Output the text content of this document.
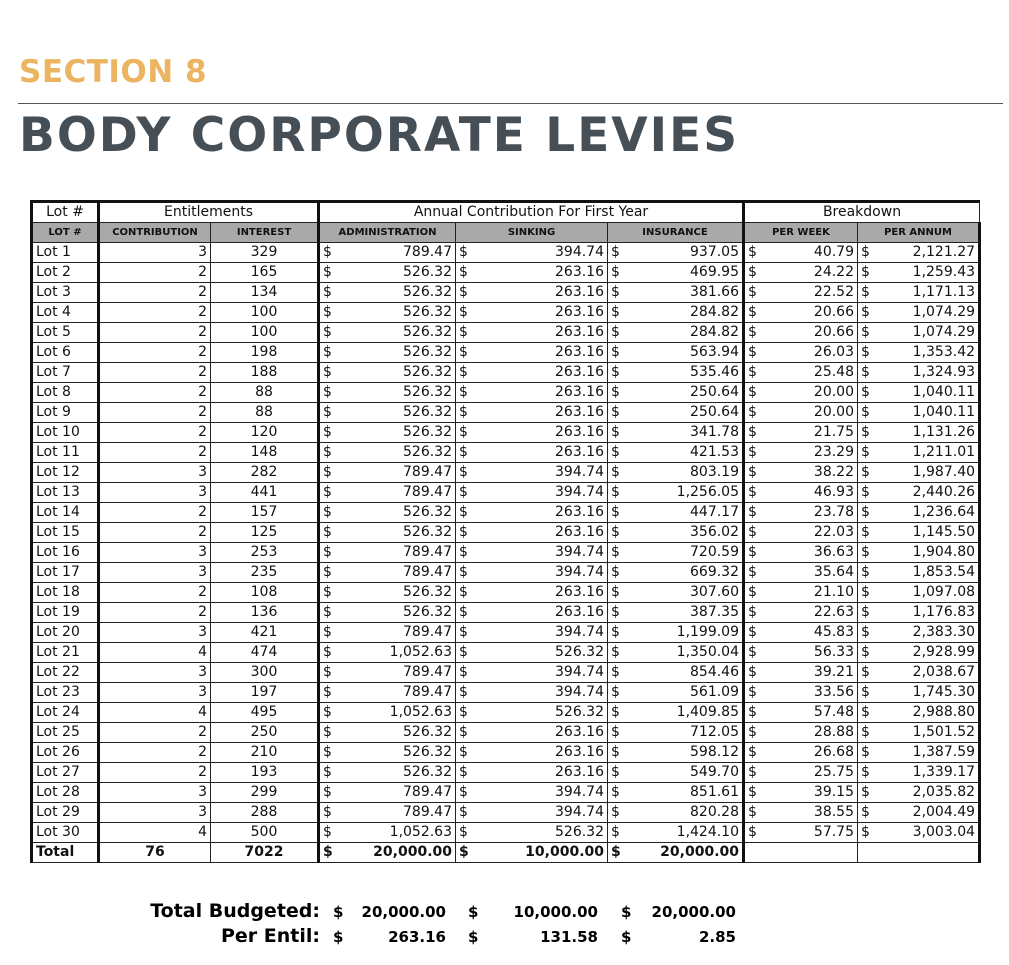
SECTION 8
BODY CORPORATE LEVIES
Lot #	Entitlements		Annual Contribution For First Year			Breakdown	
LOT #	CONTRIBUTION	INTEREST	ADMINISTRATION	SINKING	INSURANCE	PER WEEK	PER ANNUM
Lot 1	3	329	$ 789.47	$ 394.74	$ 937.05	$ 40.79	$ 2,121.27

Lot 2	2	165	$ 526.32	$ 263.16	$ 469.95	$ 24.22	$ 1,259.43

Lot 3	2	134	$ 526.32	$ 263.16	$ 381.66	$ 22.52	$ 1,171.13

Lot 4	2	100	$ 526.32	$ 263.16	$ 284.82	$ 20.66	$ 1,074.29

Lot 5	2	100	$ 526.32	$ 263.16	$ 284.82	$ 20.66	$ 1,074.29

Lot 6	2	198	$ 526.32	$ 263.16	$ 563.94	$ 26.03	$ 1,353.42

Lot 7	2	188	$ 526.32	$ 263.16	$ 535.46	$ 25.48	$ 1,324.93

Lot 8	2	88	$ 526.32	$ 263.16	$ 250.64	$ 20.00	$ 1,040.11

Lot 9	2	88	$ 526.32	$ 263.16	$ 250.64	$ 20.00	$ 1,040.11

Lot 10	2	120	$ 526.32	$ 263.16	$ 341.78	$ 21.75	$ 1,131.26

Lot 11	2	148	$ 526.32	$ 263.16	$ 421.53	$ 23.29	$ 1,211.01

Lot 12	3	282	$ 789.47	$ 394.74	$ 803.19	$ 38.22	$ 1,987.40

Lot 13	3	441	$ 789.47	$ 394.74	$ 1,256.05	$ 46.93	$ 2,440.26

Lot 14	2	157	$ 526.32	$ 263.16	$ 447.17	$ 23.78	$ 1,236.64

Lot 15	2	125	$ 526.32	$ 263.16	$ 356.02	$ 22.03	$ 1,145.50

Lot 16	3	253	$ 789.47	$ 394.74	$ 720.59	$ 36.63	$ 1,904.80

Lot 17	3	235	$ 789.47	$ 394.74	$ 669.32	$ 35.64	$ 1,853.54

Lot 18	2	108	$ 526.32	$ 263.16	$ 307.60	$ 21.10	$ 1,097.08

Lot 19	2	136	$ 526.32	$ 263.16	$ 387.35	$ 22.63	$ 1,176.83

Lot 20	3	421	$ 789.47	$ 394.74	$ 1,199.09	$ 45.83	$ 2,383.30

Lot 21	4	474	$ 1,052.63	$ 526.32	$ 1,350.04	$ 56.33	$ 2,928.99

Lot 22	3	300	$ 789.47	$ 394.74	$ 854.46	$ 39.21	$ 2,038.67

Lot 23	3	197	$ 789.47	$ 394.74	$ 561.09	$ 33.56	$ 1,745.30

Lot 24	4	495	$ 1,052.63	$ 526.32	$ 1,409.85	$ 57.48	$ 2,988.80

Lot 25	2	250	$ 526.32	$ 263.16	$ 712.05	$ 28.88	$ 1,501.52

Lot 26	2	210	$ 526.32	$ 263.16	$ 598.12	$ 26.68	$ 1,387.59

Lot 27	2	193	$ 526.32	$ 263.16	$ 549.70	$ 25.75	$ 1,339.17

Lot 28	3	299	$ 789.47	$ 394.74	$ 851.61	$ 39.15	$ 2,035.82

Lot 29	3	288	$ 789.47	$ 394.74	$ 820.28	$ 38.55	$ 2,004.49

Lot 30	4	500	$ 1,052.63	$ 526.32	$ 1,424.10	$ 57.75	$ 3,003.04

Total	76	7022	$ 20,000.00	$ 10,000.00	$ 20,000.00		

Total Budgeted:
Per Entil:
$ 20,000.00 $ 10,000.00 $ 20,000.00
$	263.16 $	131.58 $	2.85
